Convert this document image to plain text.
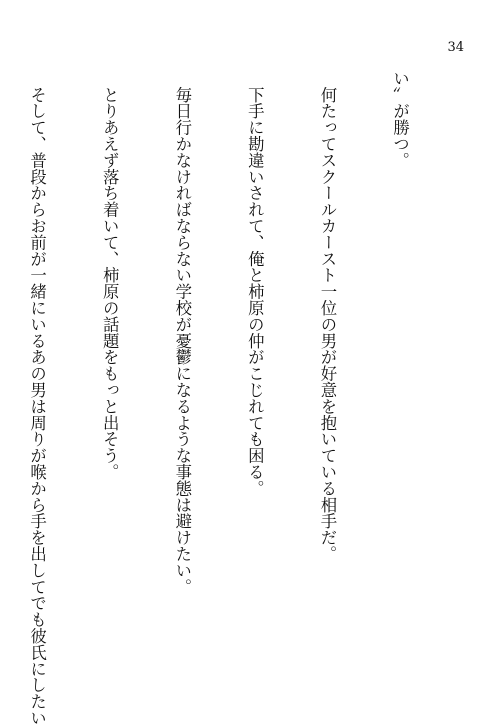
34

い〟が勝つ。

　何たってスクールカースト一位の男が好意を抱いている相手だ。

　下手に勘違いされて、俺と柿原の仲がこじれても困る。

　毎日行かなければならない学校が憂鬱になるような事態は避けたい。

　とりあえず落ち着いて、柿原の話題をもっと出そう。

　そして、普段からお前が一緒にいるあの男は周りが喉から手を出してでも彼氏にしたい
